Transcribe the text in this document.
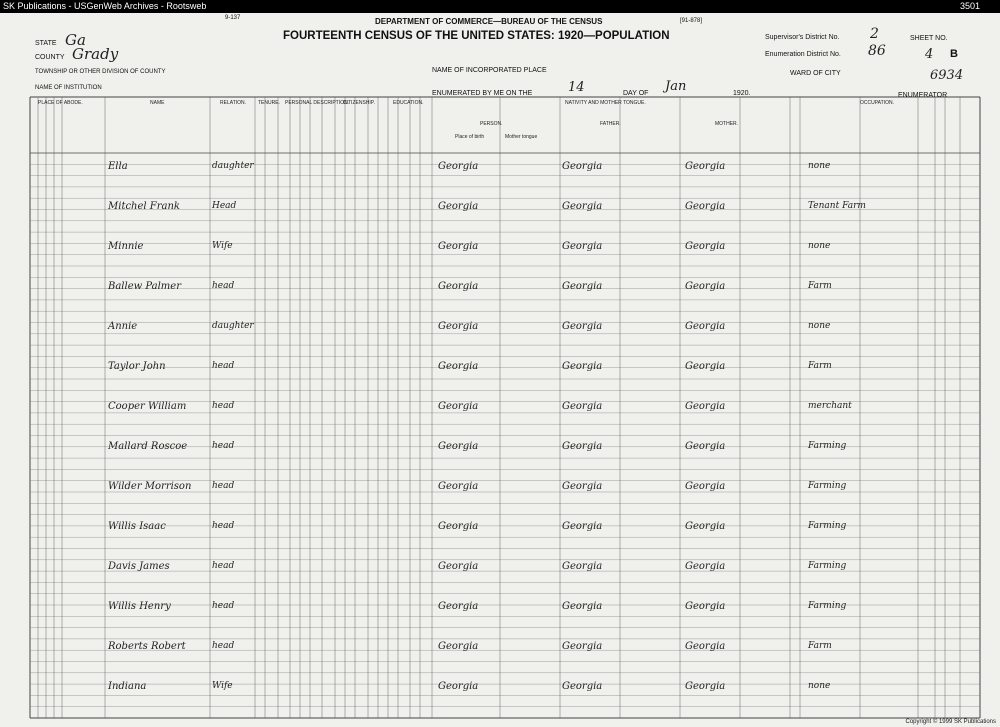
SK Publications - USGenWeb Archives - Rootsweb	3501
9-137	DEPARTMENT OF COMMERCE—BUREAU OF THE CENSUS
FOURTEENTH CENSUS OF THE UNITED STATES: 1920—POPULATION
[91-878]
STATE Ga
COUNTY Grady
TOWNSHIP OR OTHER DIVISION OF COUNTY
NAME OF INSTITUTION
NAME OF INCORPORATED PLACE
ENUMERATED BY ME ON THE	14	DAY OF Jan	1920.	ENUMERATOR
Supervisor's District No. 2
Enumeration District No. 86
SHEET NO.
4 B
WARD OF CITY	6934
PLACE OF ABODE.	NAME	RELATION. TENURE. PERSONAL DESCRIPTION.
CITIZENSHIP.	EDUCATION.	NATIVITY AND MOTHER TONGUE.
PERSON.	FATHER.	MOTHER.
OCCUPATION.
Place of birth	Mother tongue
Ella	daughter	Georgia	Georgia	Georgia	none
Mitchel Frank	Head	Georgia	Georgia	Georgia	Tenant Farm
Minnie	Wife	Georgia	Georgia	Georgia	none
Ballew Palmer	head	Georgia	Georgia	Georgia	Farm
Annie	daughter	Georgia	Georgia	Georgia	none
Taylor John	head	Georgia	Georgia	Georgia	Farm
Cooper William	head	Georgia	Georgia	Georgia	merchant
Mallard Roscoe	head	Georgia	Georgia	Georgia	Farming
Wilder Morrison head	Georgia	Georgia	Georgia	Farming
Willis Isaac	head	Georgia	Georgia	Georgia	Farming
Davis James	head	Georgia	Georgia	Georgia	Farming
Willis Henry	head	Georgia	Georgia	Georgia	Farming
Roberts Robert	head	Georgia	Georgia	Georgia	Farm
Indiana	Wife	Georgia	Georgia	Georgia	none
Copyright © 1999 SK Publications
